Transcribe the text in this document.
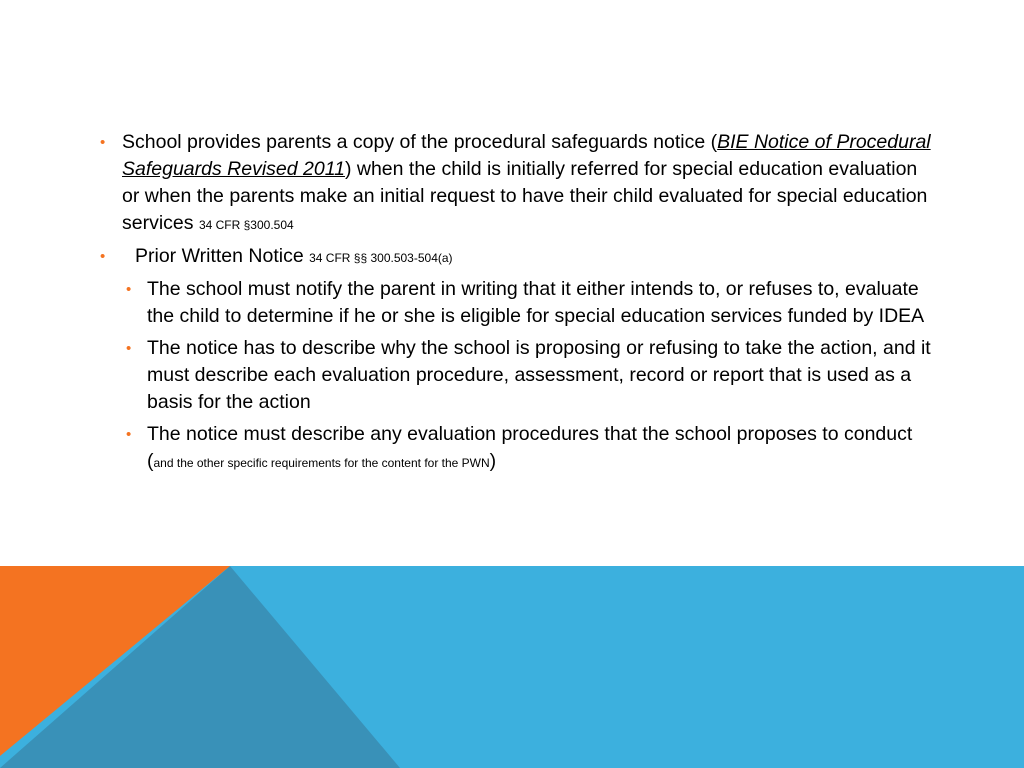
• School provides parents a copy of the procedural safeguards notice (BIE Notice of Procedural Safeguards Revised 2011) when the child is initially referred for special education evaluation or when the parents make an initial request to have their child evaluated for special education services 34 CFR §300.504
• Prior Written Notice 34 CFR §§ 300.503-504(a)
• The school must notify the parent in writing that it either intends to, or refuses to, evaluate the child to determine if he or she is eligible for special education services funded by IDEA
• The notice has to describe why the school is proposing or refusing to take the action, and it must describe each evaluation procedure, assessment, record or report that is used as a basis for the action
• The notice must describe any evaluation procedures that the school proposes to conduct (and the other specific requirements for the content for the PWN)
